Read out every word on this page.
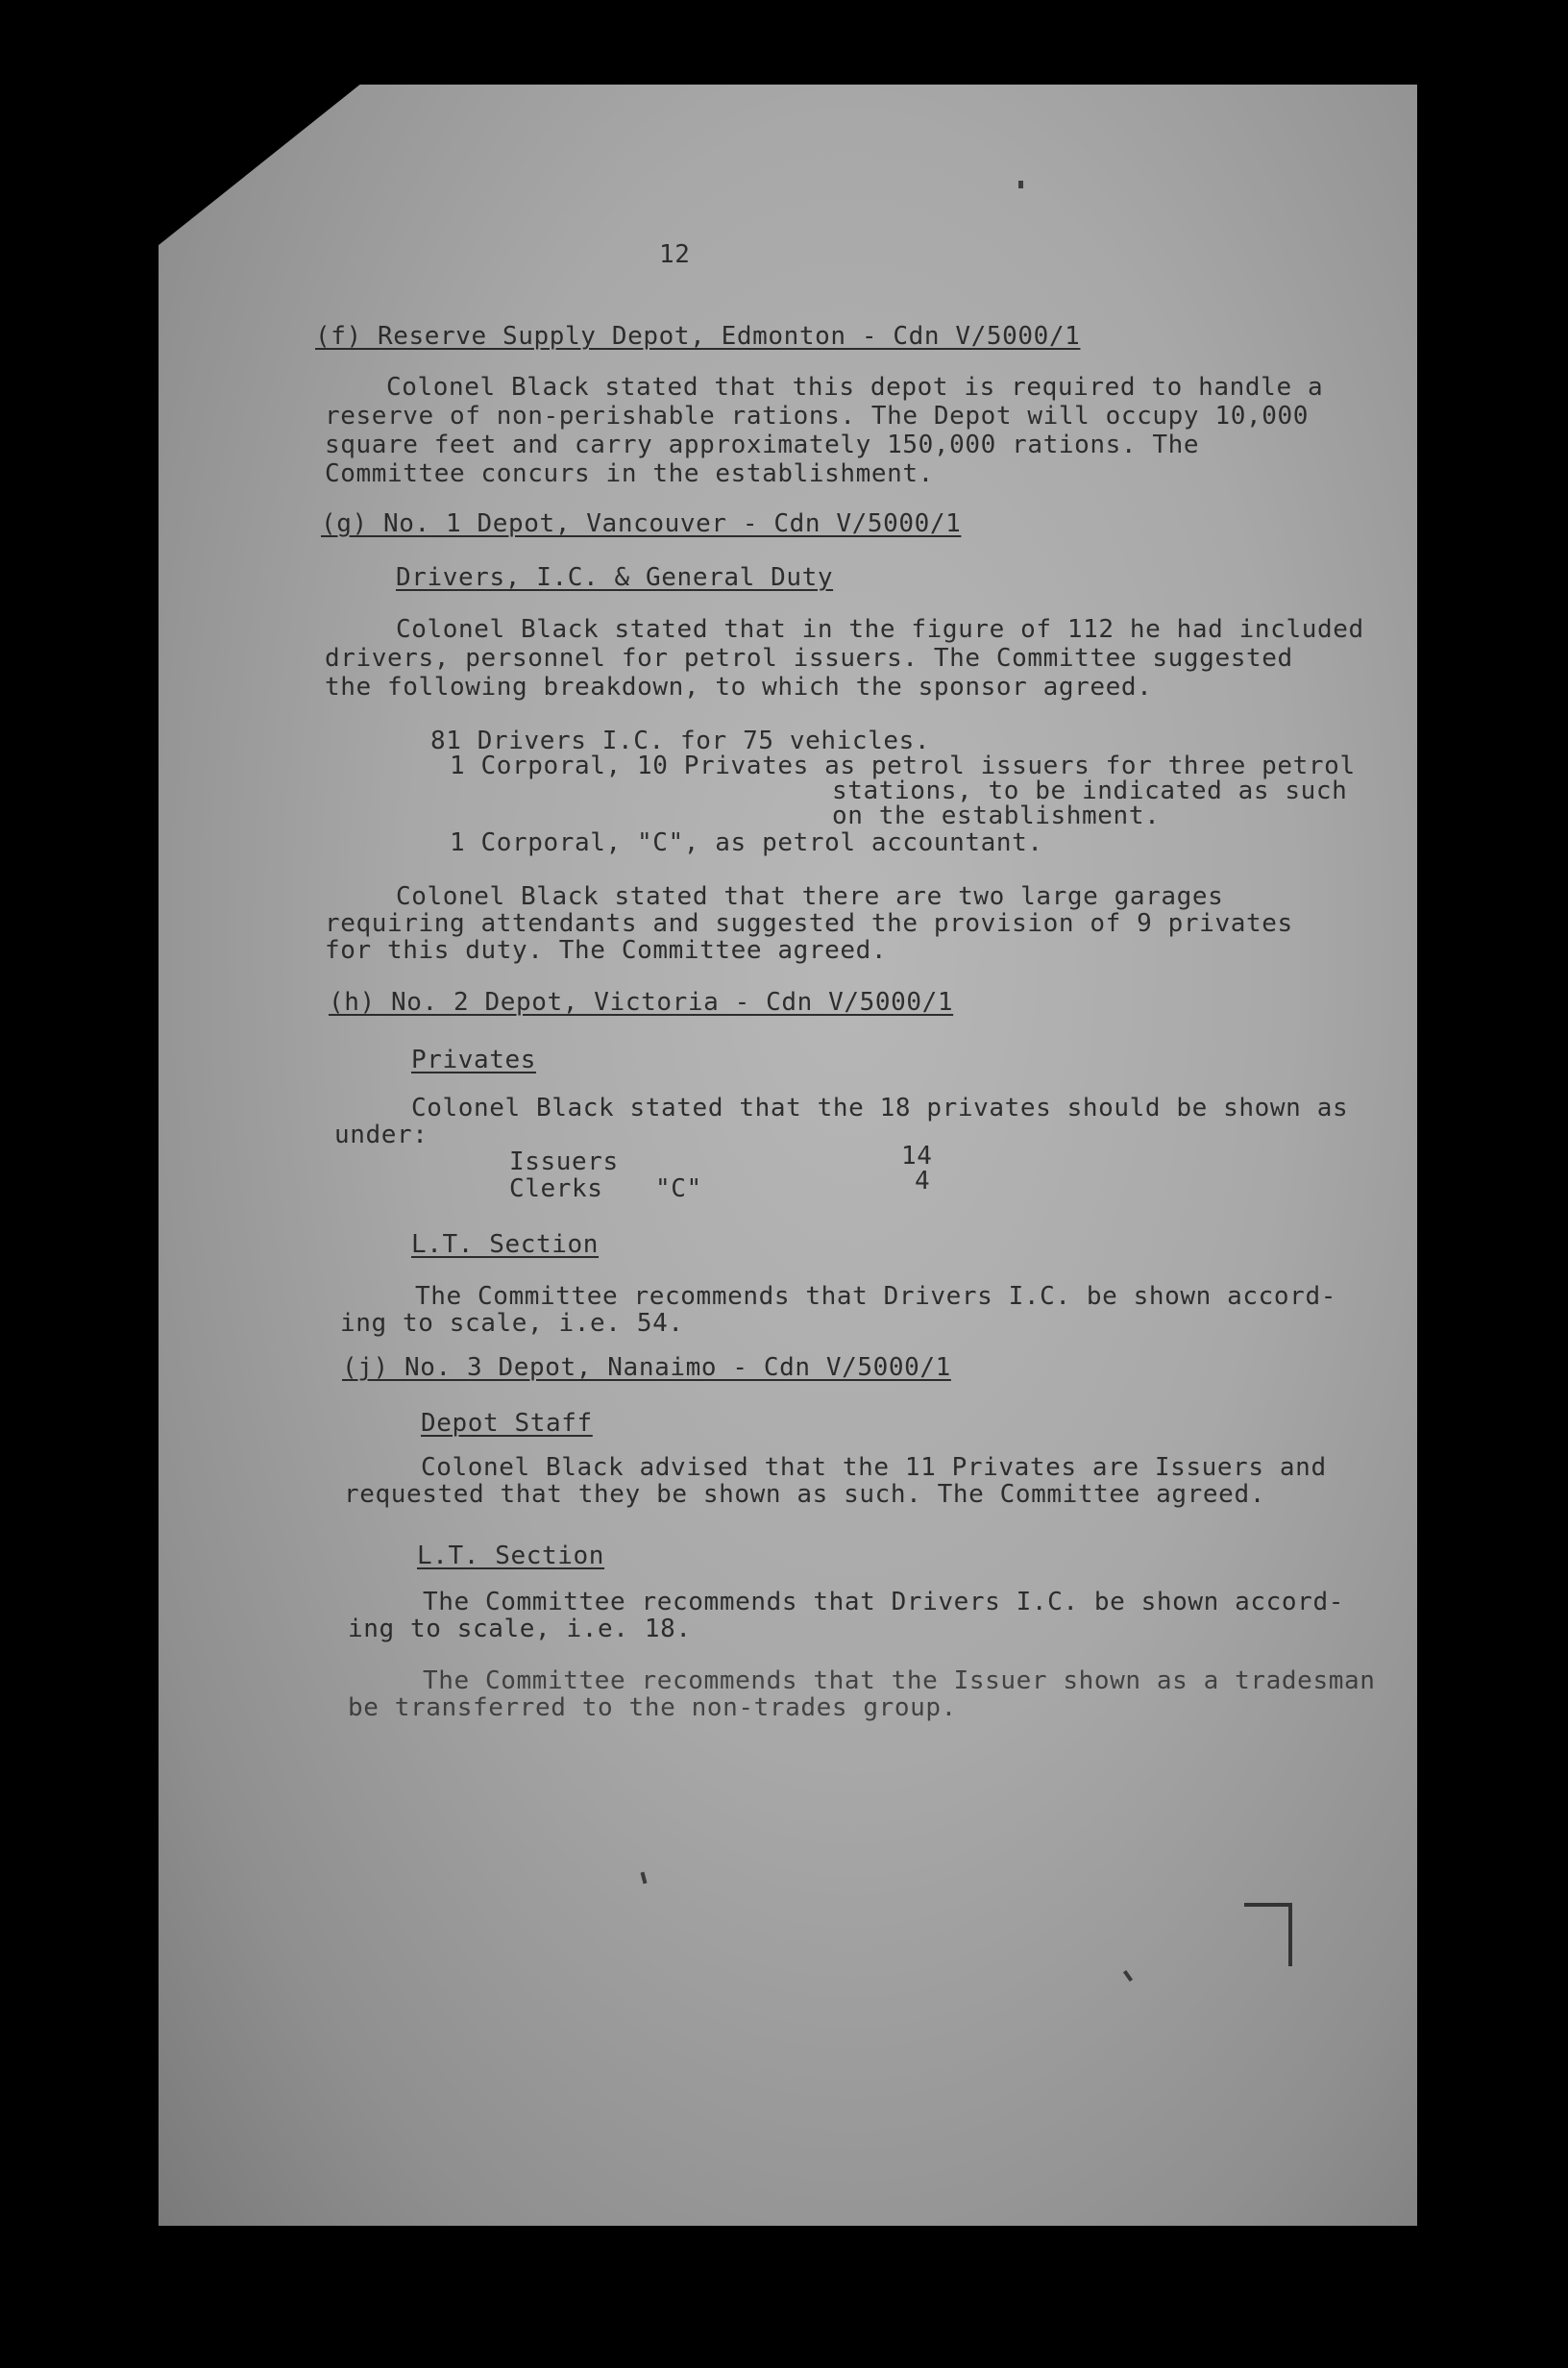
12
(f) Reserve Supply Depot, Edmonton - Cdn V/5000/1
Colonel Black stated that this depot is required to handle a
reserve of non-perishable rations. The Depot will occupy 10,000
square feet and carry approximately 150,000 rations. The
Committee concurs in the establishment.
(g) No. 1 Depot, Vancouver - Cdn V/5000/1
Drivers, I.C. & General Duty
Colonel Black stated that in the figure of 112 he had included
drivers, personnel for petrol issuers. The Committee suggested
the following breakdown, to which the sponsor agreed.
81 Drivers I.C. for 75 vehicles.
1 Corporal, 10 Privates as petrol issuers for three petrol
stations, to be indicated as such
on the establishment.
1 Corporal, "C", as petrol accountant.
Colonel Black stated that there are two large garages
requiring attendants and suggested the provision of 9 privates
for this duty. The Committee agreed.
(h) No. 2 Depot, Victoria - Cdn V/5000/1
Privates
Colonel Black stated that the 18 privates should be shown as
under:
Issuers	14
Clerks "C"	4
L.T. Section
The Committee recommends that Drivers I.C. be shown accord-
ing to scale, i.e. 54.
(j) No. 3 Depot, Nanaimo - Cdn V/5000/1
Depot Staff
Colonel Black advised that the 11 Privates are Issuers and
requested that they be shown as such. The Committee agreed.
L.T. Section
The Committee recommends that Drivers I.C. be shown accord-
ing to scale, i.e. 18.
The Committee recommends that the Issuer shown as a tradesman
be transferred to the non-trades group.
